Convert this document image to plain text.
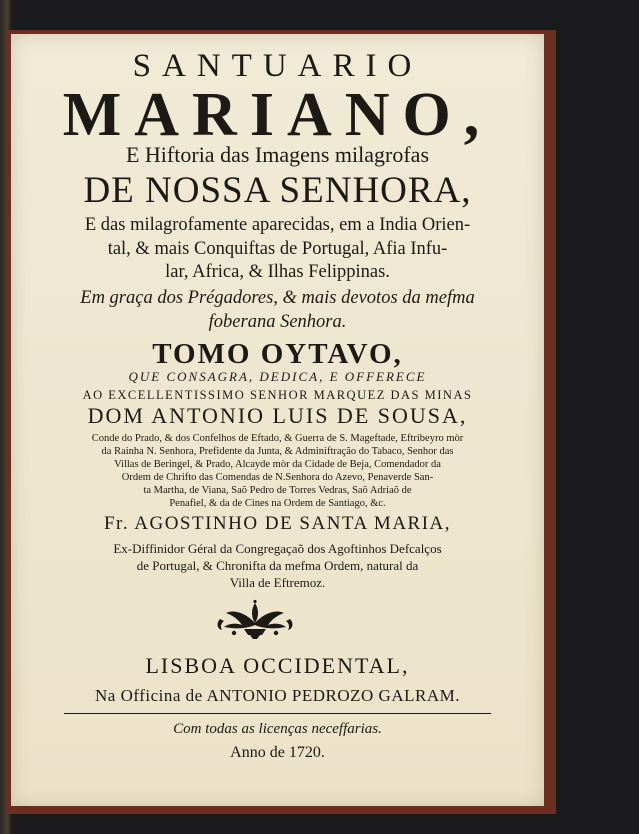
SANTUARIO
MARIANO,
E Hiftoria das Imagens milagrofas
DE NOSSA SENHORA,
E das milagrofamente aparecidas, em a India Orien-
tal, & mais Conquiftas de Portugal, Afia Infu-
lar, Africa, & Ilhas Felippinas.
Em graça dos Prégadores, & mais devotos da mefma
foberana Senhora.
TOMO OYTAVO,
QUE CONSAGRA, DEDICA, E OFFERECE
AO EXCELLENTISSIMO SENHOR MARQUEZ DAS MINAS
DOM ANTONIO LUIS DE SOUSA,
Conde do Prado, & dos Confelhos de Eftado, & Guerra de S. Mageftade, Eftribeyro mòr
da Rainha N. Senhora, Prefidente da Junta, & Adminiftração do Tabaco, Senhor das
Villas de Beringel, & Prado, Alcayde mòr da Cidade de Beja, Comendador da
Ordem de Chrifto das Comendas de N.Senhora do Azevo, Penaverde San-
ta Martha, de Viana, Saõ Pedro de Torres Vedras, Saõ Adriaõ de
Penafiel, & da de Cines na Ordem de Santiago, &c.
Fr. AGOSTINHO DE SANTA MARIA,
Ex-Diffinidor Géral da Congregaçaõ dos Agoftinhos Defcalços
de Portugal, & Chronifta da mefma Ordem, natural da
Villa de Eftremoz.
LISBOA OCCIDENTAL,
Na Officina de ANTONIO PEDROZO GALRAM.
Com todas as licenças neceffarias.
Anno de 1720.
